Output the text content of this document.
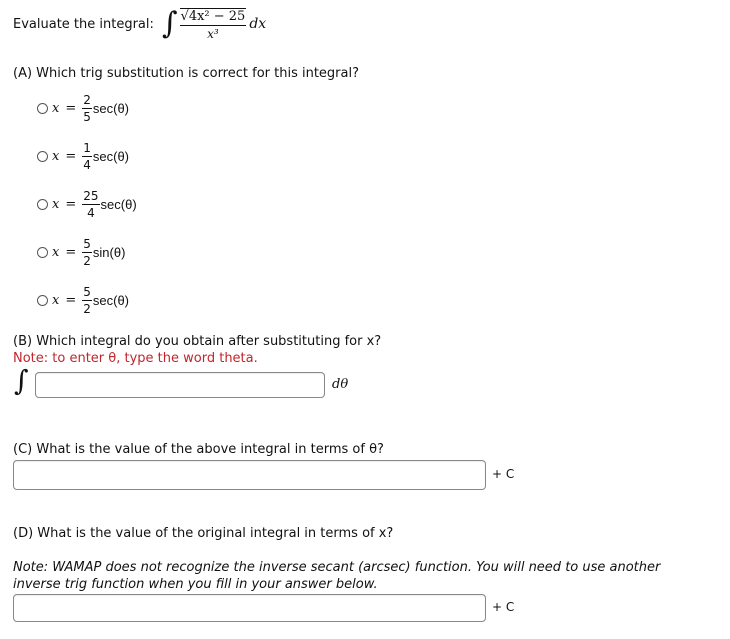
Evaluate the integral: ∫ $\frac{\text{√4x² − 25}}{\text{x³}}$ dx
(A) Which trig substitution is correct for this integral?
$x = \frac{2}{5} \sec(\theta)$
$x = \frac{1}{4} \sec(\theta)$
$x = \frac{25}{4} \sec(\theta)$
$x = \frac{5}{2} \sin(\theta)$
$x = \frac{5}{2} \sec(\theta)$
(B) Which integral do you obtain after substituting for x?
Note: to enter θ, type the word theta.
∫	dθ
(C) What is the value of the above integral in terms of θ?
+ C
(D) What is the value of the original integral in terms of x?
Note: WAMAP does not recognize the inverse secant (arcsec) function. You will need to use another inverse trig function when you fill in your answer below.
+ C
